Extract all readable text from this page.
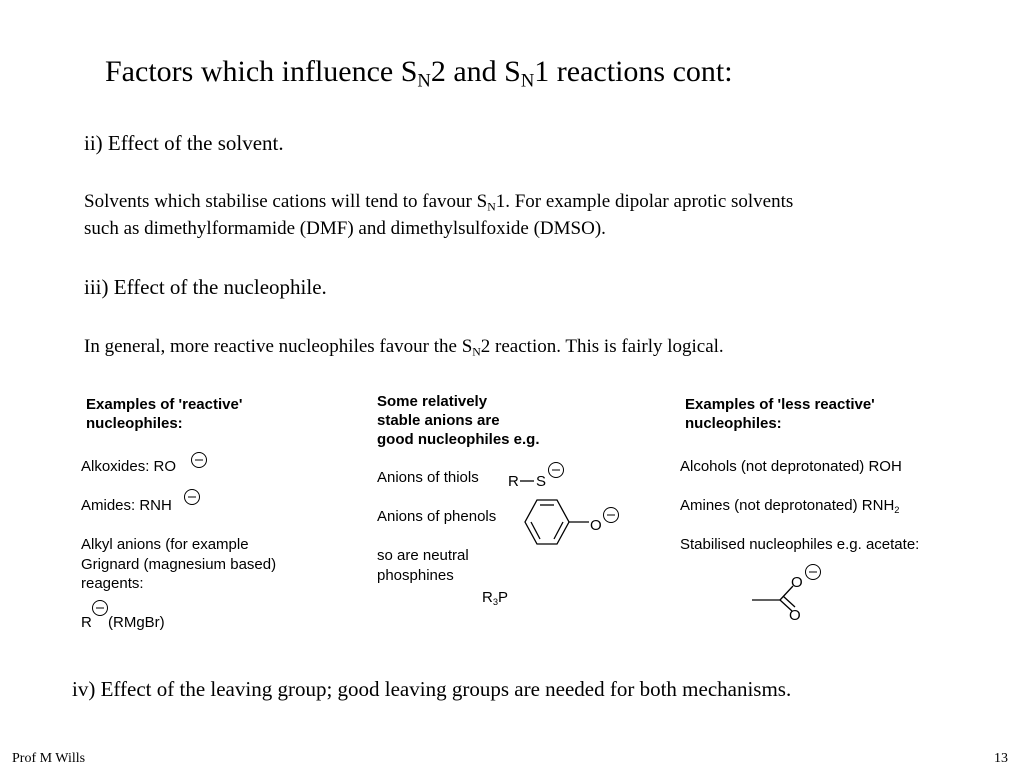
Factors which influence $S_N2$ and $S_N1$ reactions cont:
ii) Effect of the solvent.
Solvents which stabilise cations will tend to favour $S_N1$. For example dipolar aprotic solvents
such as dimethylformamide (DMF) and dimethylsulfoxide (DMSO).
iii) Effect of the nucleophile.
In general, more reactive nucleophiles favour the $S_N2$ reaction. This is fairly logical.
Examples of 'reactive'
nucleophiles:
Alkoxides: RO
Amides: RNH
Alkyl anions (for example
Grignard (magnesium based)
reagents:
R (RMgBr)
Some relatively
stable anions are
good nucleophiles e.g.
Anions of thiols R S
Anions of phenols
O
so are neutral
phosphines
$R_3P$
Examples of 'less reactive'
nucleophiles:
Alcohols (not deprotonated) ROH
Amines (not deprotonated) $RNH_2$
Stabilised nucleophiles e.g. acetate:
O
O
iv) Effect of the leaving group; good leaving groups are needed for both mechanisms.
Prof M Wills	13
